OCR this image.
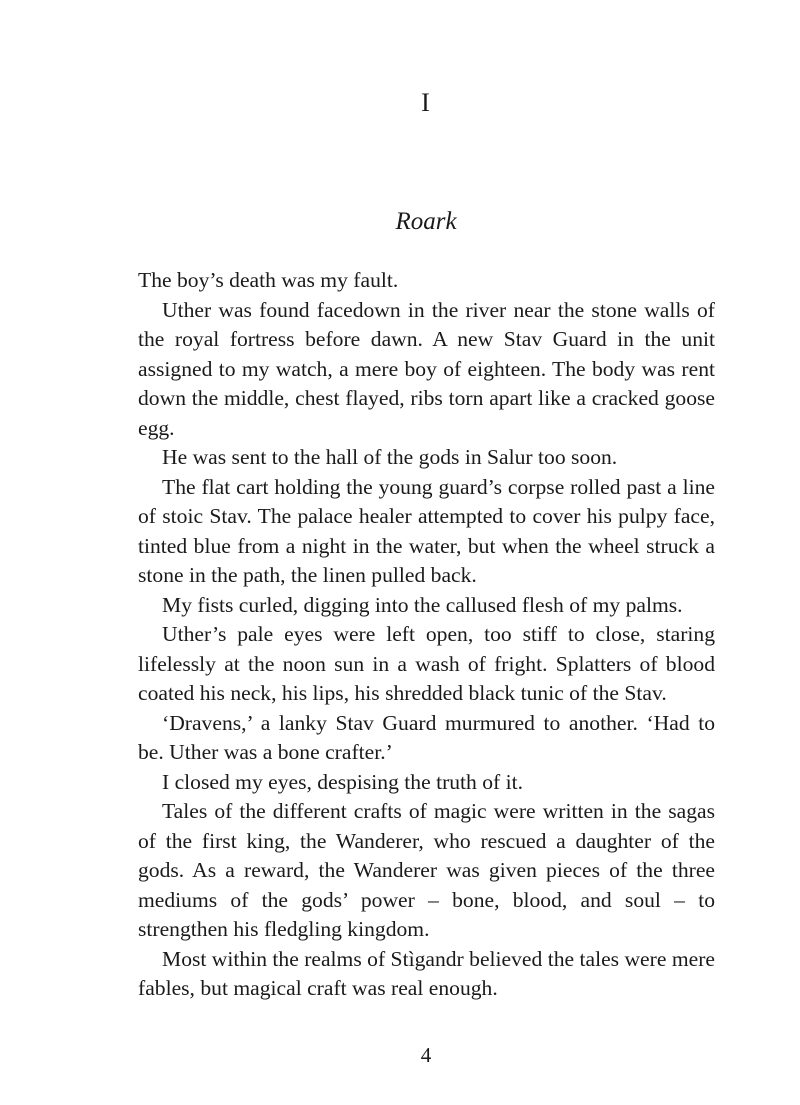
I
Roark

The boy’s death was my fault.

Uther was found facedown in the river near the stone walls of the royal fortress before dawn. A new Stav Guard in the unit assigned to my watch, a mere boy of eighteen. The body was rent down the middle, chest flayed, ribs torn apart like a cracked goose egg.

He was sent to the hall of the gods in Salur too soon.

The flat cart holding the young guard’s corpse rolled past a line of stoic Stav. The palace healer attempted to cover his pulpy face, tinted blue from a night in the water, but when the wheel struck a stone in the path, the linen pulled back.

My fists curled, digging into the callused flesh of my palms.

Uther’s pale eyes were left open, too stiff to close, staring lifelessly at the noon sun in a wash of fright. Splatters of blood coated his neck, his lips, his shredded black tunic of the Stav.

‘Dravens,’ a lanky Stav Guard murmured to another. ‘Had to be. Uther was a bone crafter.’

I closed my eyes, despising the truth of it.

Tales of the different crafts of magic were written in the sagas of the first king, the Wanderer, who rescued a daughter of the gods. As a reward, the Wanderer was given pieces of the three mediums of the gods’ power – bone, blood, and soul – to strengthen his fledgling kingdom.

Most within the realms of Stìgandr believed the tales were mere fables, but magical craft was real enough.

4
